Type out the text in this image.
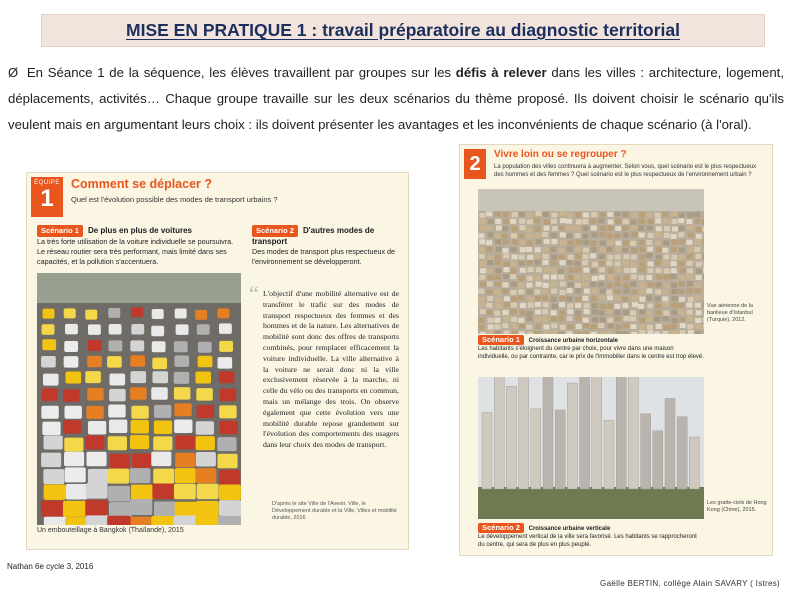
MISE EN PRATIQUE 1 : travail préparatoire au diagnostic territorial
Ø En Séance 1 de la séquence, les élèves travaillent par groupes sur les défis à relever dans les villes : architecture, logement, déplacements, activités… Chaque groupe travaille sur les deux scénarios du thème proposé. Ils doivent choisir le scénario qu'ils veulent mais en argumentant leurs choix : ils doivent présenter les avantages et les inconvénients de chaque scénario (à l'oral).
ÉQUIPE
1
Comment se déplacer ?
Quel est l'évolution possible des modes de transport urbains ?
Scénario 1 De plus en plus de voitures
La très forte utilisation de la voiture individuelle se poursuivra. Le réseau routier sera très performant, mais limité dans ses capacités, et la pollution s'accentuera.
Scénario 2 D'autres modes de transport
Des modes de transport plus respectueux de l'environnement se développeront.
Un embouteillage à Bangkok (Thaïlande), 2015
“ L'objectif d'une mobilité alternative est de transférer le trafic sur des modes de transport respectueux des femmes et des hommes et de la nature. Les alternatives de mobilité sont donc des offres de transports combinés, pour remplacer efficacement la voiture individuelle. La ville alternative à la voiture ne serait donc ni la ville exclusivement réservée à la marche, ni celle du vélo ou des transports en commun, mais un mélange des trois. On observe également que cette évolution vers une mobilité durable repose grandement sur l'évolution des comportements des usagers dans leur choix des modes de transport.
D'après le site Ville de l'Avenir. Ville, le Développement durable et la Ville, Villes et mobilité durable, 2016
2	Vivre loin ou se regrouper ?
La population des villes continuera à augmenter. Selon vous, quel scénario est le plus respectueux des hommes et des femmes ? Quel scénario est le plus respectueux de l'environnement urbain ?
Vue aérienne de la banlieue d'Istanbul (Turquie), 2012.
Scénario 1 Croissance urbaine horizontale
Les habitants s'éloignent du centre par choix, pour vivre dans une maison individuelle, ou par contrainte, car le prix de l'immobilier dans le centre est trop élevé.
Les gratte-ciels de Hong Kong (Chine), 2015.
Scénario 2 Croissance urbaine verticale
Le développement vertical de la ville sera favorisé. Les habitants se rapprocheront du centre, qui sera de plus en plus peuplé.
Nathan 6e cycle 3, 2016
Gaëlle BERTIN, collège Alain SAVARY ( Istres)
